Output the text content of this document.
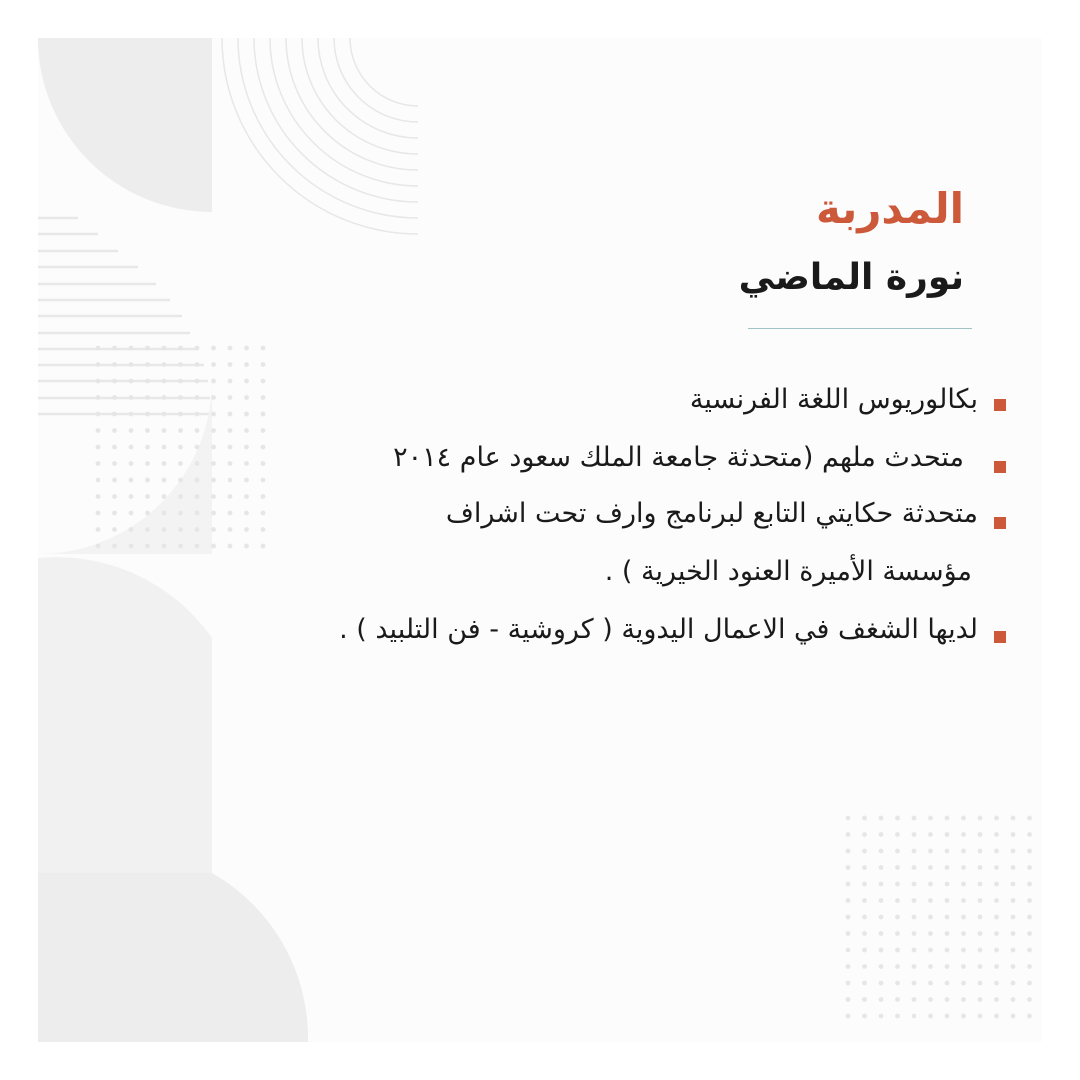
المدربة
نورة الماضي
بكالوريوس اللغة الفرنسية
متحدث ملهم (متحدثة جامعة الملك سعود عام ٢٠١٤
متحدثة حكايتي التابع لبرنامج وارف تحت اشراف
مؤسسة الأميرة العنود الخيرية ) .
لديها الشغف في الاعمال اليدوية ( كروشية - فن التلبيد ) .
